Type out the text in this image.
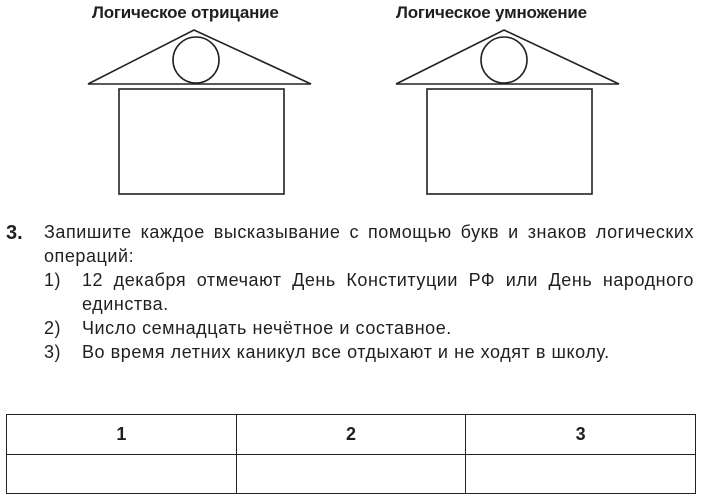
Логическое отрицание	Логическое умножение
3. Запишите каждое высказывание с помощью букв и знаков логических операций:

1)	12 декабря отмечают День Конституции РФ или День народного единства.
2)	Число семнадцать нечётное и составное.
3)	Во время летних каникул все отдыхают и не ходят в школу.
1	2	3
